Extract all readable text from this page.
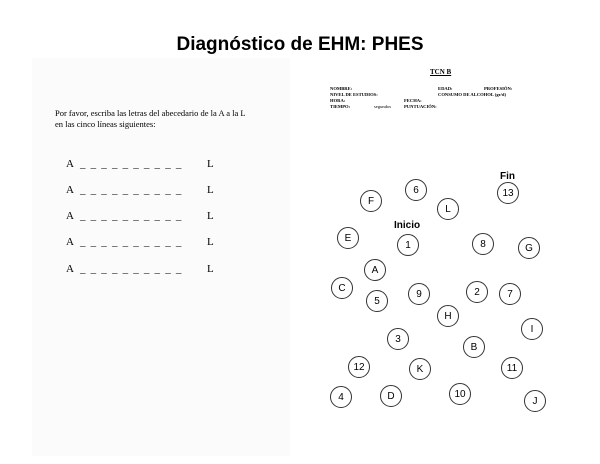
Diagnóstico de EHM: PHES
Por favor, escriba las letras del abecedario de la A a la L
en las cinco líneas siguientes:
A _ _ _ _ _ _ _ _ _ _ L
A _ _ _ _ _ _ _ _ _ _ L
A _ _ _ _ _ _ _ _ _ _ L
A _ _ _ _ _ _ _ _ _ _ L
A _ _ _ _ _ _ _ _ _ _ L
TCN B
NOMBRE:	EDAD:	PROFESIÓN:
NIVEL DE ESTUDIOS:	CONSUMO DE ALCOHOL (gr/d)
HORA:	FECHA:
TIEMPO:	segundos	PUNTUACIÓN:
Inicio
Fin
6
F
L
13
E
1	8	G
A
C
9	2	7
5
H
I
3
B
12	K	11
4	D	10
J
